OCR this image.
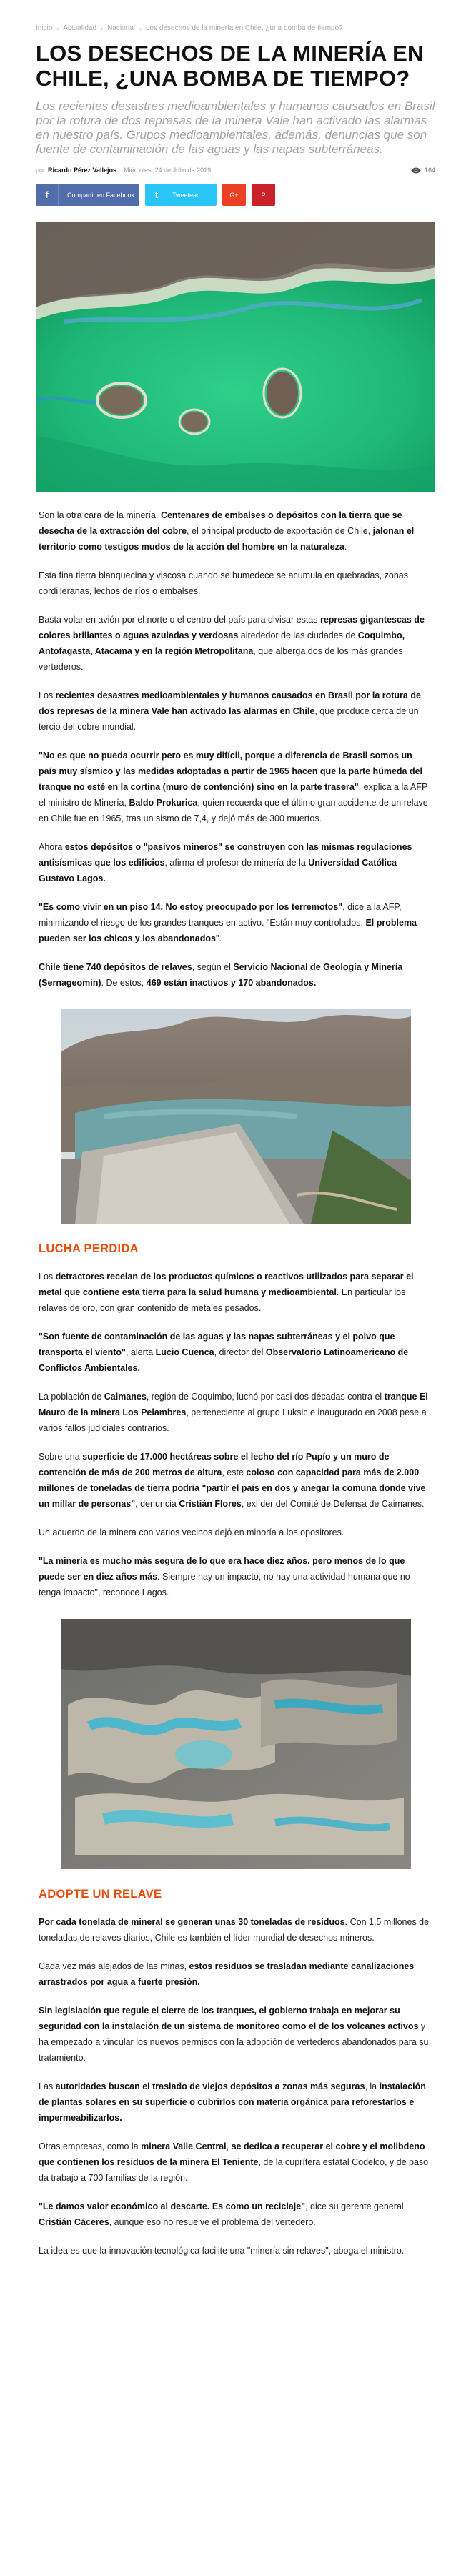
Inicio › Actualidad › Nacional › Los desechos de la minería en Chile, ¿una bomba de tiempo?
LOS DESECHOS DE LA MINERÍA EN CHILE, ¿UNA BOMBA DE TIEMPO?

Los recientes desastres medioambientales y humanos causados en Brasil por la rotura de dos represas de la minera Vale han activado las alarmas en nuestro país. Grupos medioambientales, además, denuncias que son fuente de contaminación de las aguas y las napas subterráneas.

por Ricardo Pérez Vallejos Miércoles, 24 de Julio de 2019	164
f	Compartir en Facebook	t	Tweetear	G+	P

Son la otra cara de la minería. Centenares de embalses o depósitos con la tierra que se desecha de la extracción del cobre, el principal producto de exportación de Chile, jalonan el territorio como testigos mudos de la acción del hombre en la naturaleza.

Esta fina tierra blanquecina y viscosa cuando se humedece se acumula en quebradas, zonas cordilleranas, lechos de ríos o embalses.

Basta volar en avión por el norte o el centro del país para divisar estas represas gigantescas de colores brillantes o aguas azuladas y verdosas alrededor de las ciudades de Coquimbo, Antofagasta, Atacama y en la región Metropolitana, que alberga dos de los más grandes vertederos.

Los recientes desastres medioambientales y humanos causados en Brasil por la rotura de dos represas de la minera Vale han activado las alarmas en Chile, que produce cerca de un tercio del cobre mundial.

"No es que no pueda ocurrir pero es muy difícil, porque a diferencia de Brasil somos un país muy sísmico y las medidas adoptadas a partir de 1965 hacen que la parte húmeda del tranque no esté en la cortina (muro de contención) sino en la parte trasera", explica a la AFP el ministro de Minería, Baldo Prokurica, quien recuerda que el último gran accidente de un relave en Chile fue en 1965, tras un sismo de 7,4, y dejó más de 300 muertos.

Ahora estos depósitos o "pasivos mineros" se construyen con las mismas regulaciones antisísmicas que los edificios, afirma el profesor de minería de la Universidad Católica Gustavo Lagos.

"Es como vivir en un piso 14. No estoy preocupado por los terremotos", dice a la AFP, minimizando el riesgo de los grandes tranques en activo. "Están muy controlados. El problema pueden ser los chicos y los abandonados".

Chile tiene 740 depósitos de relaves, según el Servicio Nacional de Geología y Minería (Sernageomin). De estos, 469 están inactivos y 170 abandonados.

LUCHA PERDIDA

Los detractores recelan de los productos químicos o reactivos utilizados para separar el metal que contiene esta tierra para la salud humana y medioambiental. En particular los relaves de oro, con gran contenido de metales pesados.

"Son fuente de contaminación de las aguas y las napas subterráneas y el polvo que transporta el viento", alerta Lucio Cuenca, director del Observatorio Latinoamericano de Conflictos Ambientales.

La población de Caimanes, región de Coquimbo, luchó por casi dos décadas contra el tranque El Mauro de la minera Los Pelambres, perteneciente al grupo Luksic e inaugurado en 2008 pese a varios fallos judiciales contrarios.

Sobre una superficie de 17.000 hectáreas sobre el lecho del río Pupío y un muro de contención de más de 200 metros de altura, este coloso con capacidad para más de 2.000 millones de toneladas de tierra podría "partir el país en dos y anegar la comuna donde vive un millar de personas", denuncia Cristián Flores, exlíder del Comité de Defensa de Caimanes.

Un acuerdo de la minera con varios vecinos dejó en minoría a los opositores.

"La minería es mucho más segura de lo que era hace diez años, pero menos de lo que puede ser en diez años más. Siempre hay un impacto, no hay una actividad humana que no tenga impacto", reconoce Lagos.

ADOPTE UN RELAVE

Por cada tonelada de mineral se generan unas 30 toneladas de residuos. Con 1,5 millones de toneladas de relaves diarios, Chile es también el líder mundial de desechos mineros.

Cada vez más alejados de las minas, estos residuos se trasladan mediante canalizaciones arrastrados por agua a fuerte presión.

Sin legislación que regule el cierre de los tranques, el gobierno trabaja en mejorar su seguridad con la instalación de un sistema de monitoreo como el de los volcanes activos y ha empezado a vincular los nuevos permisos con la adopción de vertederos abandonados para su tratamiento.

Las autoridades buscan el traslado de viejos depósitos a zonas más seguras, la instalación de plantas solares en su superficie o cubrirlos con materia orgánica para reforestarlos e impermeabilizarlos.

Otras empresas, como la minera Valle Central, se dedica a recuperar el cobre y el molibdeno que contienen los residuos de la minera El Teniente, de la cuprífera estatal Codelco, y de paso da trabajo a 700 familias de la región.

"Le damos valor económico al descarte. Es como un reciclaje", dice su gerente general, Cristián Cáceres, aunque eso no resuelve el problema del vertedero.

La idea es que la innovación tecnológica facilite una "minería sin relaves", aboga el ministro.
